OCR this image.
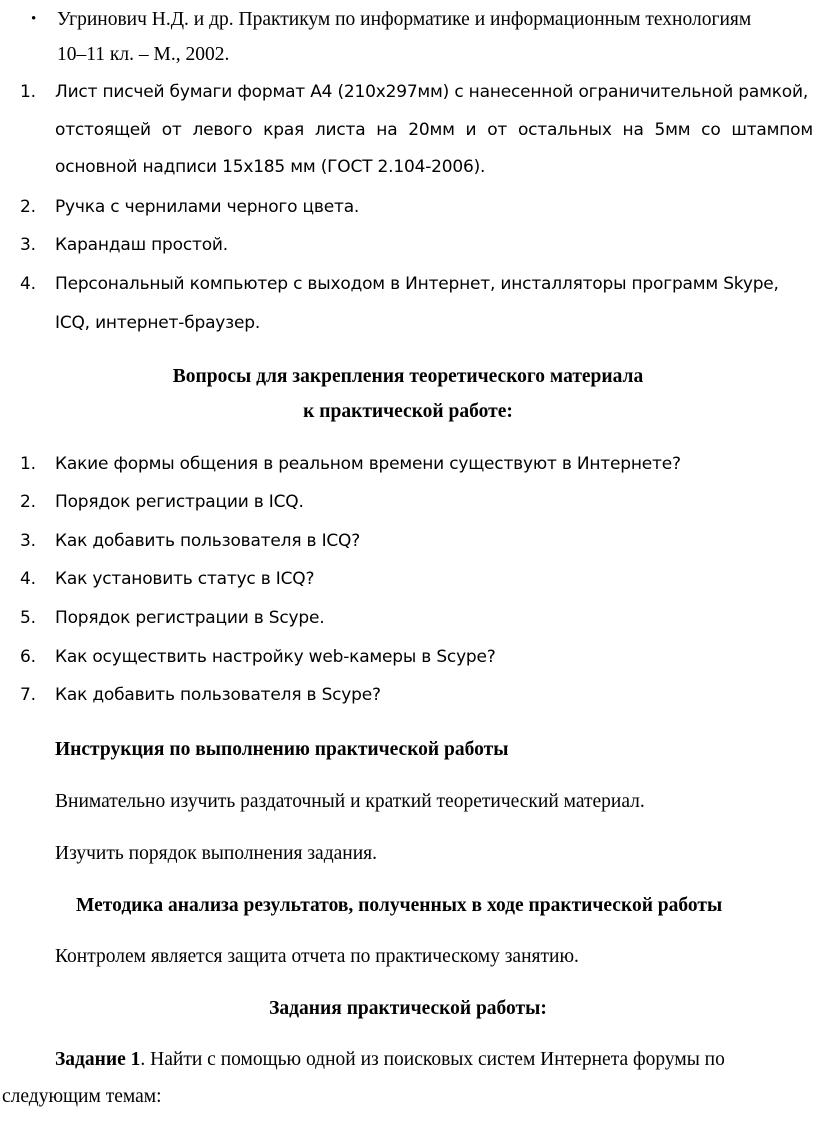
• Угринович Н.Д. и др. Практикум по информатике и информационным технологиям
10–11 кл. – М., 2002.
1. Лист писчей бумаги формат А4 (210x297мм) с нанесенной ограничительной рамкой,
отстоящей от левого края листа на 20мм и от остальных на 5мм со штампом
основной надписи 15х185 мм (ГОСТ 2.104-2006).
2. Ручка с чернилами черного цвета.
3. Карандаш простой.
4. Персональный компьютер с выходом в Интернет, инсталляторы программ Skype,
ICQ, интернет-браузер.
Вопросы для закрепления теоретического материала
к практической работе:
1. Какие формы общения в реальном времени существуют в Интернете?
2. Порядок регистрации в ICQ.
3. Как добавить пользователя в ICQ?
4. Как установить статус в ICQ?
5. Порядок регистрации в Scype.
6. Как осуществить настройку web-камеры в Scype?
7. Как добавить пользователя в Scype?
Инструкция по выполнению практической работы
Внимательно изучить раздаточный и краткий теоретический материал.
Изучить порядок выполнения задания.
Методика анализа результатов, полученных в ходе практической работы
Контролем является защита отчета по практическому занятию.
Задания практической работы:
Задание 1. Найти с помощью одной из поисковых систем Интернета форумы по
следующим темам:
